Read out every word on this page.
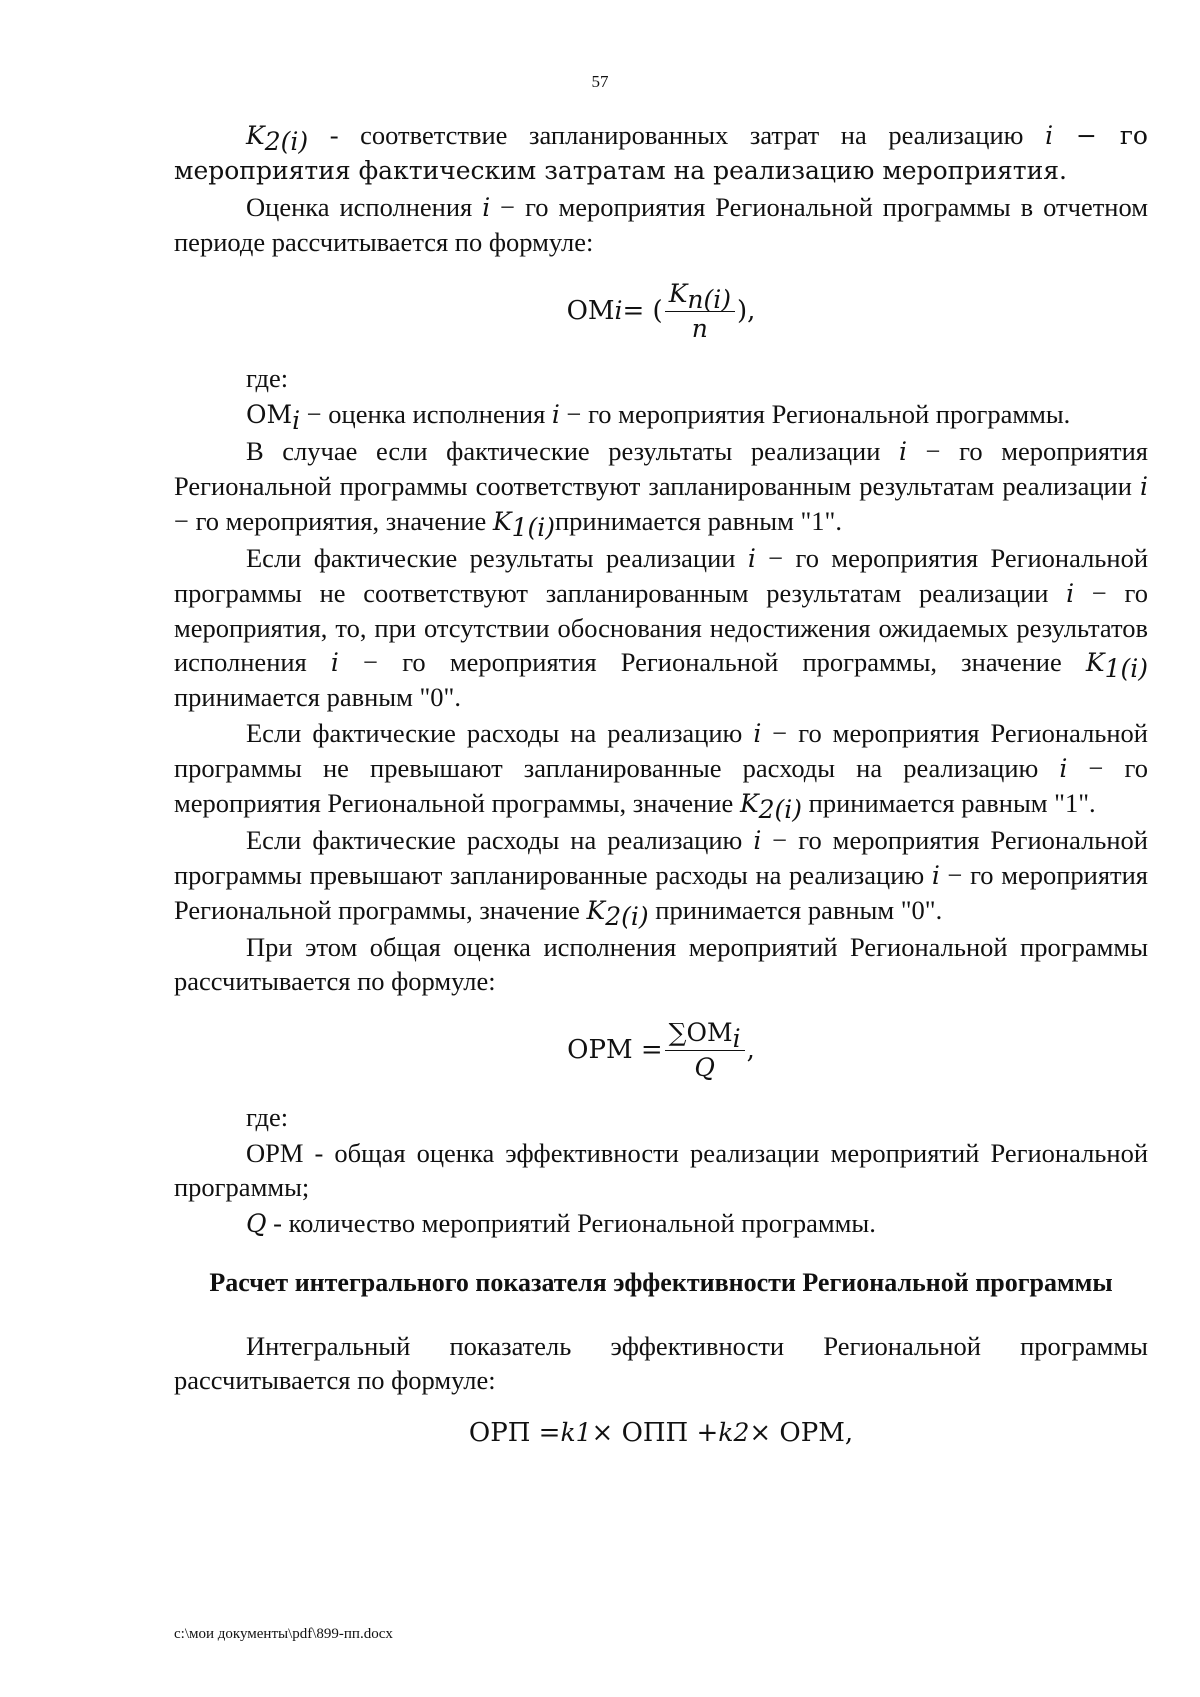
57

$K_{2(i)}$ - соответствие запланированных затрат на реализацию i − го мероприятия фактическим затратам на реализацию мероприятия.

Оценка исполнения i − го мероприятия Региональной программы в отчетном периоде рассчитывается по формуле:

ОМ i = ( $\frac{K_{n(i)}}{n}$ ),

где:

$ОМ_i$ − оценка исполнения i − го мероприятия Региональной программы.

В случае если фактические результаты реализации i − го мероприятия Региональной программы соответствуют запланированным результатам реализации i − го мероприятия, значение $K_{1(i)}принимается$ равным "1".

Если фактические результаты реализации i − го мероприятия Региональной программы не соответствуют запланированным результатам реализации i − го мероприятия, то, при отсутствии обоснования недостижения ожидаемых результатов исполнения i − го мероприятия Региональной программы, значение $K_{1(i)}$ принимается равным "0".

Если фактические расходы на реализацию i − го мероприятия Региональной программы не превышают запланированные расходы на реализацию i − го мероприятия Региональной программы, значение $K_{2(i)}$ принимается равным "1".

Если фактические расходы на реализацию i − го мероприятия Региональной программы превышают запланированные расходы на реализацию i − го мероприятия Региональной программы, значение $K_{2(i)}$ принимается равным "0".

При этом общая оценка исполнения мероприятий Региональной программы рассчитывается по формуле:

ОРМ = $\frac{\sum ОМ_i}{Q}$ ,

где:

ОРМ - общая оценка эффективности реализации мероприятий Региональной программы;

Q - количество мероприятий Региональной программы.

Расчет интегрального показателя эффективности Региональной программы

Интегральный показатель эффективности Региональной программы рассчитывается по формуле:

ОРП = k 1 × ОПП + k 2 × ОРМ,
c:\мои документы\pdf\899-пп.docx
